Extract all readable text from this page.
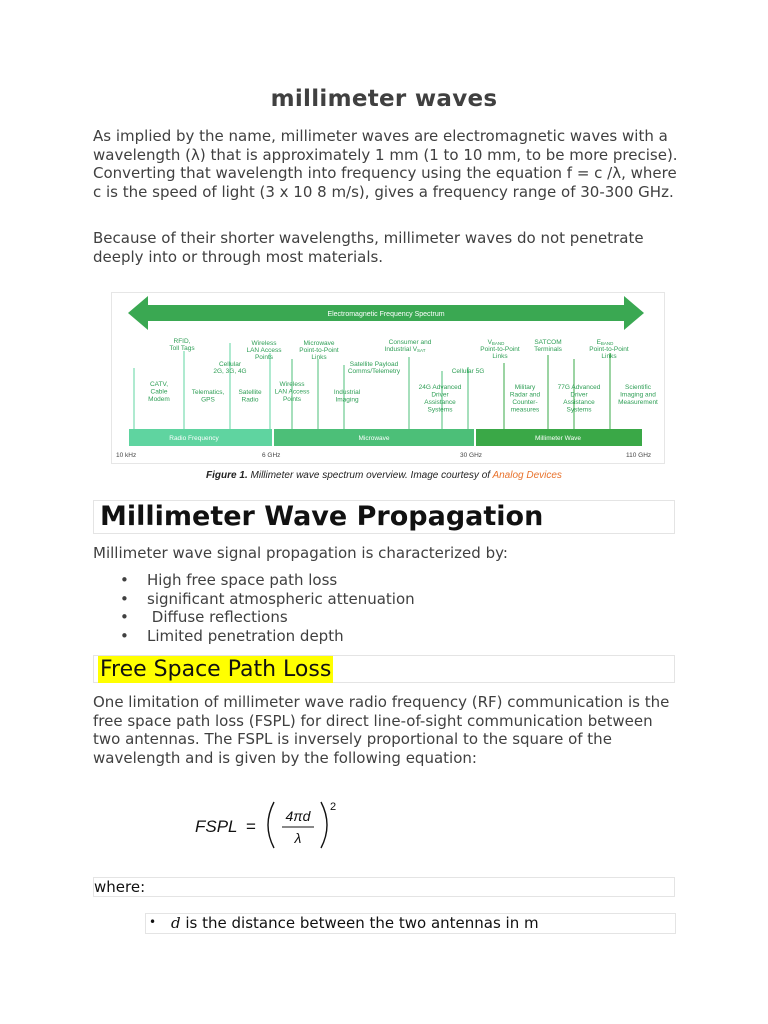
millimeter waves
As implied by the name, millimeter waves are electromagnetic waves with a wavelength (λ) that is approximately 1 mm (1 to 10 mm, to be more precise). Converting that wavelength into frequency using the equation f = c /λ, where c is the speed of light (3 x 10 8 m/s), gives a frequency range of 30-300 GHz.
Because of their shorter wavelengths, millimeter waves do not penetrate deeply into or through most materials.
Electromagnetic Frequency Spectrum
RFID, Toll Tags
Wireless LAN Access Points
Microwave Point-to-Point Links
Consumer and Industrial VSAT
VBAND Point-to-Point Links
SATCOM Terminals
EBAND Point-to-Point Links
Cellular 2G, 3G, 4G
Satellite Payload Comms/Telemetry	Cellular 5G
CATV, Cable Modem
Telematics, GPS
Satellite Radio
Wireless LAN Access Points
Industrial Imaging
24G Advanced Driver Assistance Systems
Military Radar and Counter-measures
77G Advanced Driver Assistance Systems
Scientific Imaging and Measurement
Radio Frequency	Microwave	Millimeter Wave
10 kHz	6 GHz	30 GHz	110 GHz
Figure 1. Millimeter wave spectrum overview. Image courtesy of Analog Devices
Millimeter Wave Propagation
Millimeter wave signal propagation is characterized by:
• High free space path loss
• significant atmospheric attenuation
• Diffuse reflections
• Limited penetration depth
Free Space Path Loss
One limitation of millimeter wave radio frequency (RF) communication is the free space path loss (FSPL) for direct line-of-sight communication between two antennas. The FSPL is inversely proportional to the square of the wavelength and is given by the following equation:
FSPL =
4πd
λ
2
where:
• d is the distance between the two antennas in m
